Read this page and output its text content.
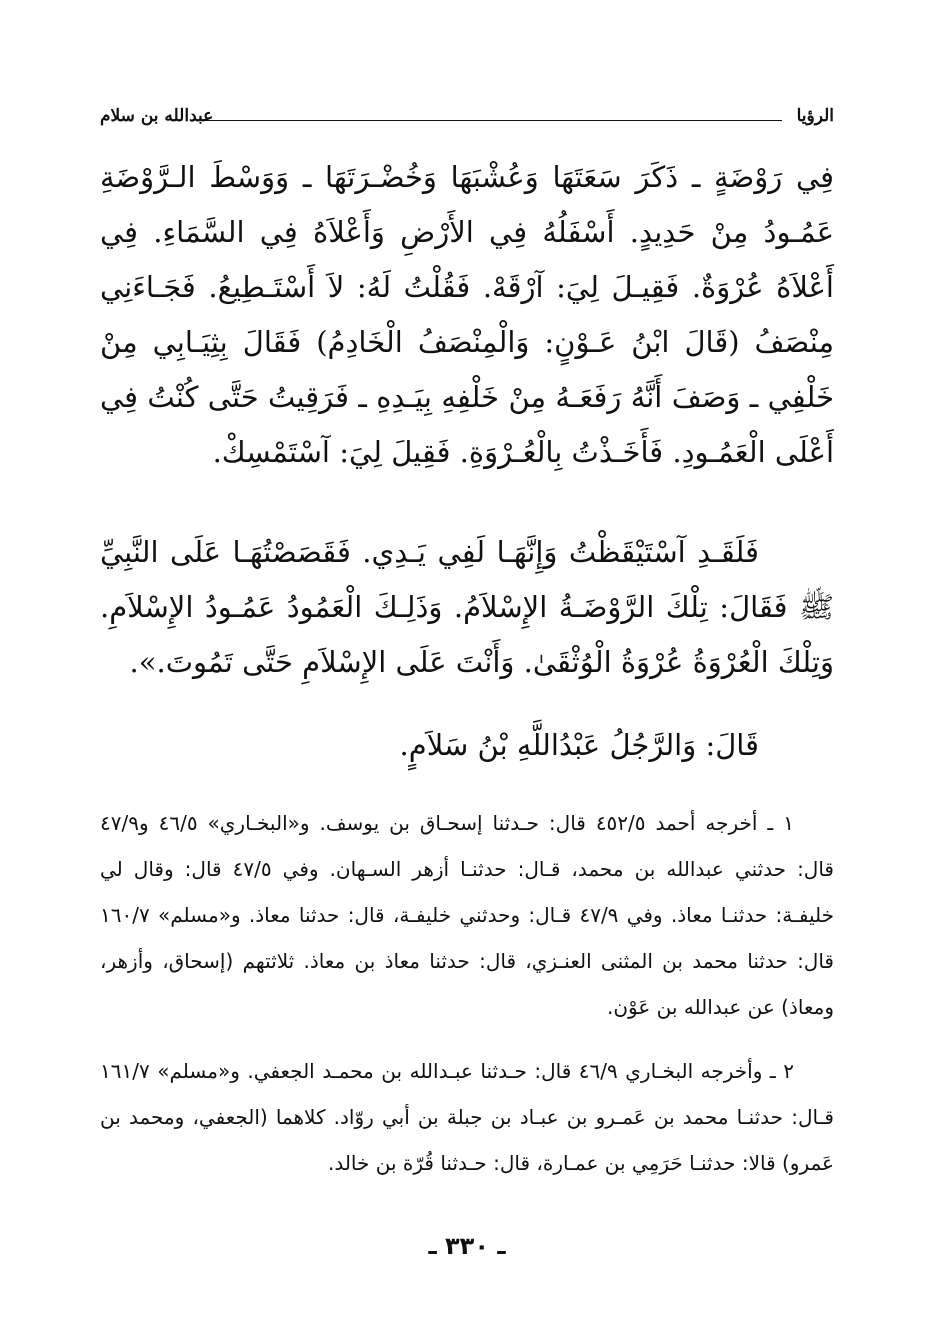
الرؤيا
عبدالله بن سلام

فِي رَوْضَةٍ ـ ذَكَرَ سَعَتَهَا وَعُشْبَهَا وَخُضْـرَتَهَا ـ وَوَسْطَ الـرَّوْضَةِ عَمُـودُ مِنْ حَدِيدٍ. أَسْفَلُهُ فِي الأَرْضِ وَأَعْلاَهُ فِي السَّمَاءِ. فِي أَعْلاَهُ عُرْوَةٌ. فَقِيـلَ لِيَ: آرْقَهْ. فَقُلْتُ لَهُ: لاَ أَسْتَـطِيعُ. فَجَـاءَنِي مِنْصَفُ (قَالَ ابْنُ عَـوْنٍ: وَالْمِنْصَفُ الْخَادِمُ) فَقَالَ بِثِيَـابِي مِنْ خَلْفِي ـ وَصَفَ أَنَّهُ رَفَعَـهُ مِنْ خَلْفِهِ بِيَـدِهِ ـ فَرَقِيتُ حَتَّى كُنْتُ فِي أَعْلَى الْعَمُـودِ. فَأَخَـذْتُ بِالْعُـرْوَةِ. فَقِيلَ لِيَ: آسْتَمْسِكْ.

فَلَقَـدِ آسْتَيْقَظْتُ وَإِنَّهَـا لَفِي يَـدِي. فَقَصَصْتُهَـا عَلَى النَّبِيِّ ﷺ فَقَالَ: تِلْكَ الرَّوْضَـةُ الإِسْلاَمُ. وَذَلِـكَ الْعَمُودُ عَمُـودُ الإِسْلاَمِ. وَتِلْكَ الْعُرْوَةُ عُرْوَةُ الْوُثْقَىٰ. وَأَنْتَ عَلَى الإِسْلاَمِ حَتَّى تَمُوتَ.».

قَالَ: وَالرَّجُلُ عَبْدُاللَّهِ بْنُ سَلاَمٍ.

١ ـ أخرجه أحمد ٤٥٢/٥ قال: حـدثنا إسحـاق بن يوسف. و«البخـاري» ٤٦/٥ و٤٧/٩ قال: حدثني عبدالله بن محمد، قـال: حدثنـا أزهر السـهان. وفي ٤٧/٥ قال: وقال لي خليفـة: حدثنـا معاذ. وفي ٤٧/٩ قـال: وحدثني خليفـة، قال: حدثنا معاذ. و«مسلم» ١٦٠/٧ قال: حدثنا محمد بن المثنى العنـزي، قال: حدثنا معاذ بن معاذ. ثلاثتهم (إسحاق، وأزهر، ومعاذ) عن عبدالله بن عَوْن.

٢ ـ وأخرجه البخـاري ٤٦/٩ قال: حـدثنا عبـدالله بن محمـد الجعفي. و«مسلم» ١٦١/٧ قـال: حدثنـا محمد بن عَمـرو بن عبـاد بن جبلة بن أبي روّاد. كلاهما (الجعفي، ومحمد بن عَمرو) قالا: حدثنـا حَرَمِي بن عمـارة، قال: حـدثنا قُرّة بن خالد.

ـ ٣٣٠ ـ
